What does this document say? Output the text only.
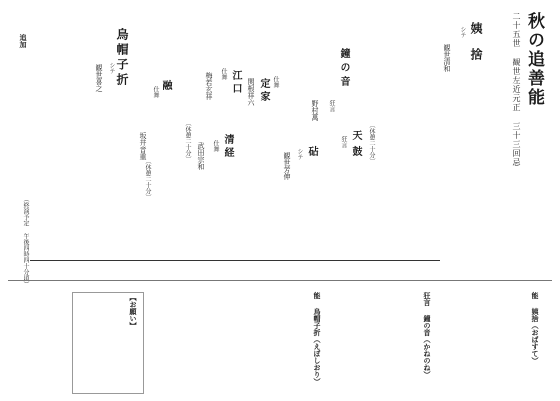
秋の追善能
二十五世 観世左近元正 三十三回忌
姨捨
シテ
観世清和
天鼓
狂言
鐘の音
狂言
野村萬
砧
シテ
観世芳伸
定家 仕舞
関根祥六
江口
仕舞
梅若玄祥
清経
仕舞
武田宗和
融
仕舞
坂井音重
烏帽子折
シテ
観世喜之
〔休憩二十分〕
〔休憩二十分〕
〔休憩二十分〕
追加
（終演予定 午後四時四十分頃）
能 姨捨（おばすて）
狂言 鐘の音（かねのね）
能 烏帽子折（えぼしおり）
【お願い】
